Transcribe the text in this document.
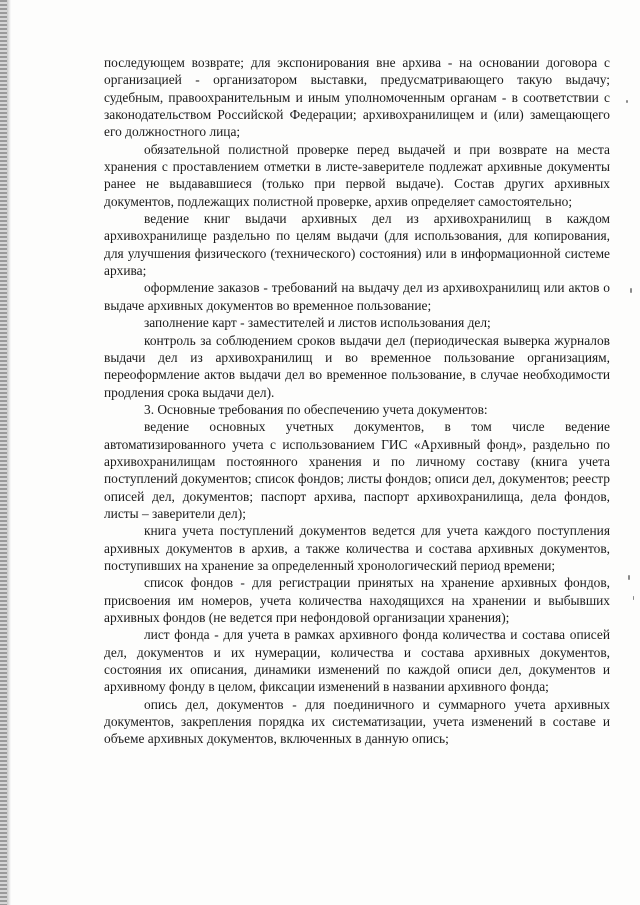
последующем возврате; для экспонирования вне архива - на основании договора с организацией - организатором выставки, предусматривающего такую выдачу; судебным, правоохранительным и иным уполномоченным органам - в соответствии с законодательством Российской Федерации; архивохранилищем и (или) замещающего его должностного лица;

обязательной полистной проверке перед выдачей и при возврате на места хранения с проставлением отметки в листе-заверителе подлежат архивные документы ранее не выдававшиеся (только при первой выдаче). Состав других архивных документов, подлежащих полистной проверке, архив определяет самостоятельно;

ведение книг выдачи архивных дел из архивохранилищ в каждом архивохранилище раздельно по целям выдачи (для использования, для копирования, для улучшения физического (технического) состояния) или в информационной системе архива;

оформление заказов - требований на выдачу дел из архивохранилищ или актов о выдаче архивных документов во временное пользование;

заполнение карт - заместителей и листов использования дел;

контроль за соблюдением сроков выдачи дел (периодическая выверка журналов выдачи дел из архивохранилищ и во временное пользование организациям, переоформление актов выдачи дел во временное пользование, в случае необходимости продления срока выдачи дел).

3. Основные требования по обеспечению учета документов:

ведение основных учетных документов, в том числе ведение автоматизированного учета с использованием ГИС «Архивный фонд», раздельно по архивохранилищам постоянного хранения и по личному составу (книга учета поступлений документов; список фондов; листы фондов; описи дел, документов; реестр описей дел, документов; паспорт архива, паспорт архивохранилища, дела фондов, листы – заверители дел);

книга учета поступлений документов ведется для учета каждого поступления архивных документов в архив, а также количества и состава архивных документов, поступивших на хранение за определенный хронологический период времени;

список фондов - для регистрации принятых на хранение архивных фондов, присвоения им номеров, учета количества находящихся на хранении и выбывших архивных фондов (не ведется при нефондовой организации хранения);

лист фонда - для учета в рамках архивного фонда количества и состава описей дел, документов и их нумерации, количества и состава архивных документов, состояния их описания, динамики изменений по каждой описи дел, документов и архивному фонду в целом, фиксации изменений в названии архивного фонда;

опись дел, документов - для поединичного и суммарного учета архивных документов, закрепления порядка их систематизации, учета изменений в составе и объеме архивных документов, включенных в данную опись;
